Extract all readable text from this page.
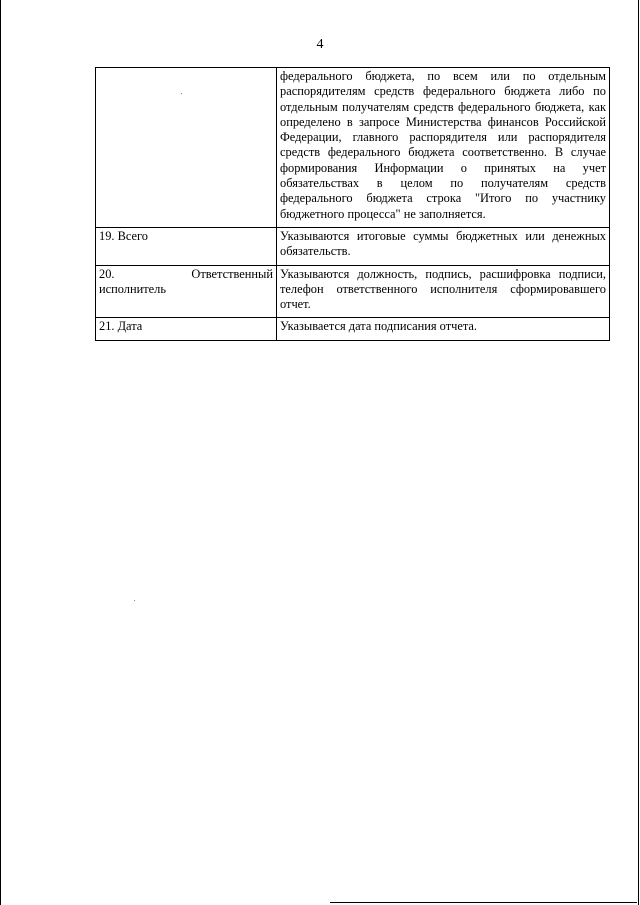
4
	федерального бюджета, по всем или по отдельным распорядителям средств федерального бюджета либо по отдельным получателям средств федерального бюджета, как определено в запросе Министерства финансов Российской Федерации, главного распорядителя или распорядителя средств федерального бюджета соответственно. В случае формирования Информации о принятых на учет обязательствах в целом по получателям средств федерального бюджета строка "Итого по участнику бюджетного процесса" не заполняется.
19. Всего	Указываются итоговые суммы бюджетных или денежных обязательств.

20. Ответственный
исполнитель	Указываются должность, подпись, расшифровка подписи, телефон ответственного исполнителя сформировавшего отчет.
21. Дата	Указывается дата подписания отчета.
